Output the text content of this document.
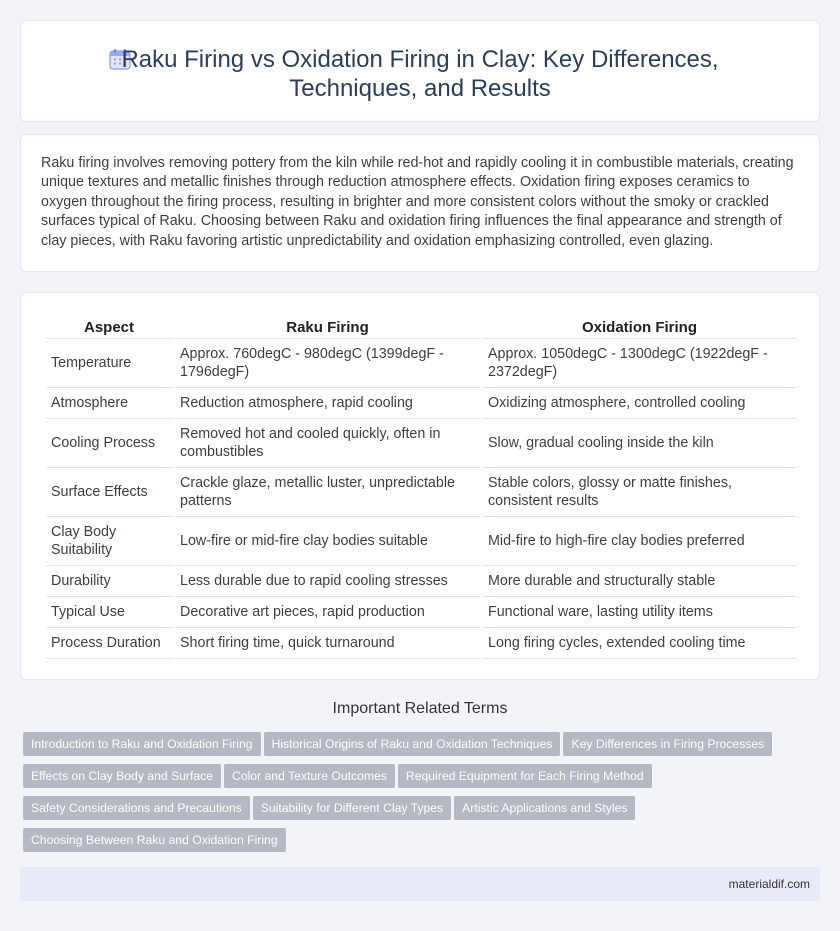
Raku Firing vs Oxidation Firing in Clay: Key Differences,
Techniques, and Results

Raku firing involves removing pottery from the kiln while red-hot and rapidly cooling it in combustible materials, creating unique textures and metallic finishes through reduction atmosphere effects. Oxidation firing exposes ceramics to oxygen throughout the firing process, resulting in brighter and more consistent colors without the smoky or crackled surfaces typical of Raku. Choosing between Raku and oxidation firing influences the final appearance and strength of clay pieces, with Raku favoring artistic unpredictability and oxidation emphasizing controlled, even glazing.

Aspect	Raku Firing	Oxidation Firing
Temperature	Approx. 760degC - 980degC (1399degF - 1796degF)	Approx. 1050degC - 1300degC (1922degF - 2372degF)
Atmosphere	Reduction atmosphere, rapid cooling	Oxidizing atmosphere, controlled cooling
Cooling Process	Removed hot and cooled quickly, often in combustibles	Slow, gradual cooling inside the kiln
Surface Effects	Crackle glaze, metallic luster, unpredictable patterns	Stable colors, glossy or matte finishes, consistent results
Clay Body Suitability	Low-fire or mid-fire clay bodies suitable	Mid-fire to high-fire clay bodies preferred
Durability	Less durable due to rapid cooling stresses	More durable and structurally stable
Typical Use	Decorative art pieces, rapid production	Functional ware, lasting utility items
Process Duration	Short firing time, quick turnaround	Long firing cycles, extended cooling time
Important Related Terms
Introduction to Raku and Oxidation Firing Historical Origins of Raku and Oxidation Techniques Key Differences in Firing Processes Effects on Clay Body and Surface Color and Texture Outcomes Required Equipment for Each Firing Method Safety Considerations and Precautions Suitability for Different Clay Types Artistic Applications and Styles Choosing Between Raku and Oxidation Firing
materialdif.com
